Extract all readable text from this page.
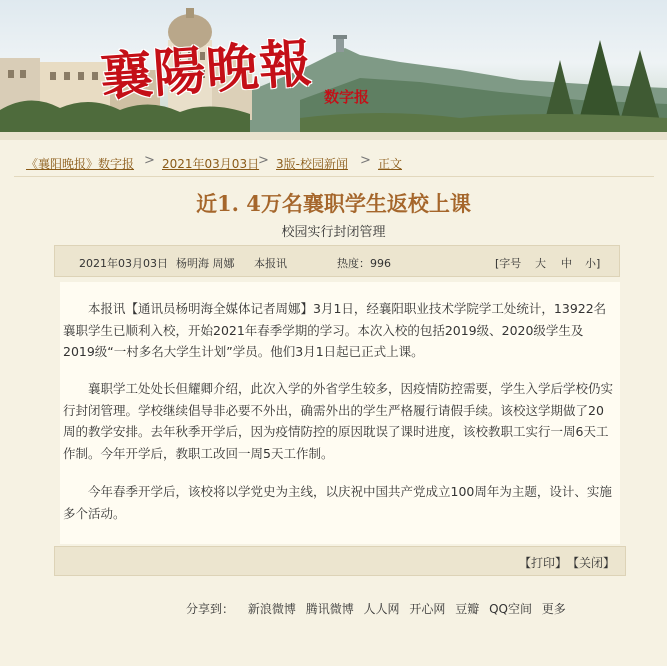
襄陽晚報 数字报
《襄阳晚报》数字报 > 2021年03月03日
> 3版-校园新闻 > 正文
近1. 4万名襄职学生返校上课
校园实行封闭管理
2021年03月03日 杨明海 周娜 本报讯	热度：996	[字号 大 中 小]

本报讯【通讯员杨明海全媒体记者周娜】3月1日，经襄阳职业技术学院学工处统计，13922名襄职学生已顺利入校，开始2021年春季学期的学习。本次入校的包括2019级、2020级学生及2019级“一村多名大学生计划”学员。他们3月1日起已正式上课。

襄职学工处处长但耀卿介绍，此次入学的外省学生较多，因疫情防控需要，学生入学后学校仍实行封闭管理。学校继续倡导非必要不外出，确需外出的学生严格履行请假手续。该校这学期做了20周的教学安排。去年秋季开学后，因为疫情防控的原因耽误了课时进度，该校教职工实行一周6天工作制。今年开学后，教职工改回一周5天工作制。

今年春季开学后，该校将以学党史为主线，以庆祝中国共产党成立100周年为主题，设计、实施多个活动。

【打印】 【关闭】
分享到： 新浪微博 腾讯微博 人人网 开心网 豆瓣 QQ空间 更多
